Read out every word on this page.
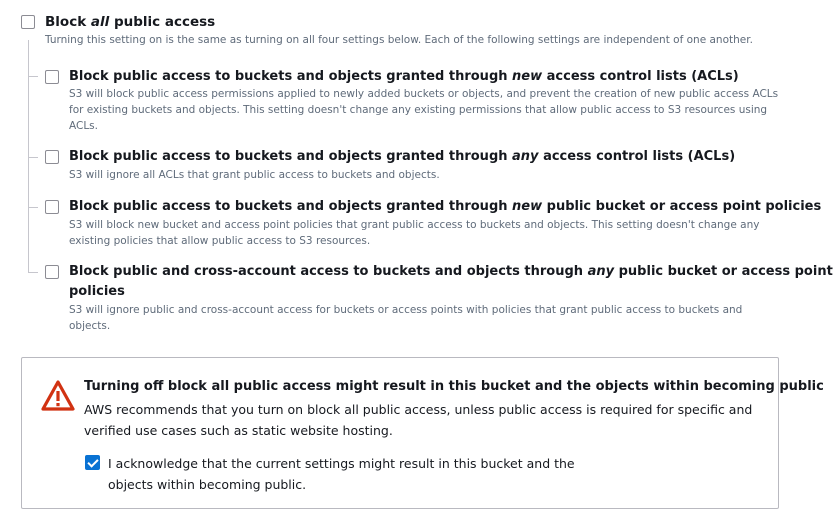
Block all public access
Turning this setting on is the same as turning on all four settings below. Each of the following settings are independent of one another.
Block public access to buckets and objects granted through new access control lists (ACLs)
S3 will block public access permissions applied to newly added buckets or objects, and prevent the creation of new public access ACLs for existing buckets and objects. This setting doesn't change any existing permissions that allow public access to S3 resources using ACLs.
Block public access to buckets and objects granted through any access control lists (ACLs)
S3 will ignore all ACLs that grant public access to buckets and objects.
Block public access to buckets and objects granted through new public bucket or access point policies
S3 will block new bucket and access point policies that grant public access to buckets and objects. This setting doesn't change any existing policies that allow public access to S3 resources.
Block public and cross-account access to buckets and objects through any public bucket or access point
policies
S3 will ignore public and cross-account access for buckets or access points with policies that grant public access to buckets and objects.
Turning off block all public access might result in this bucket and the objects within becoming public
AWS recommends that you turn on block all public access, unless public access is required for specific and verified use cases such as static website hosting.
I acknowledge that the current settings might result in this bucket and the objects within becoming public.
